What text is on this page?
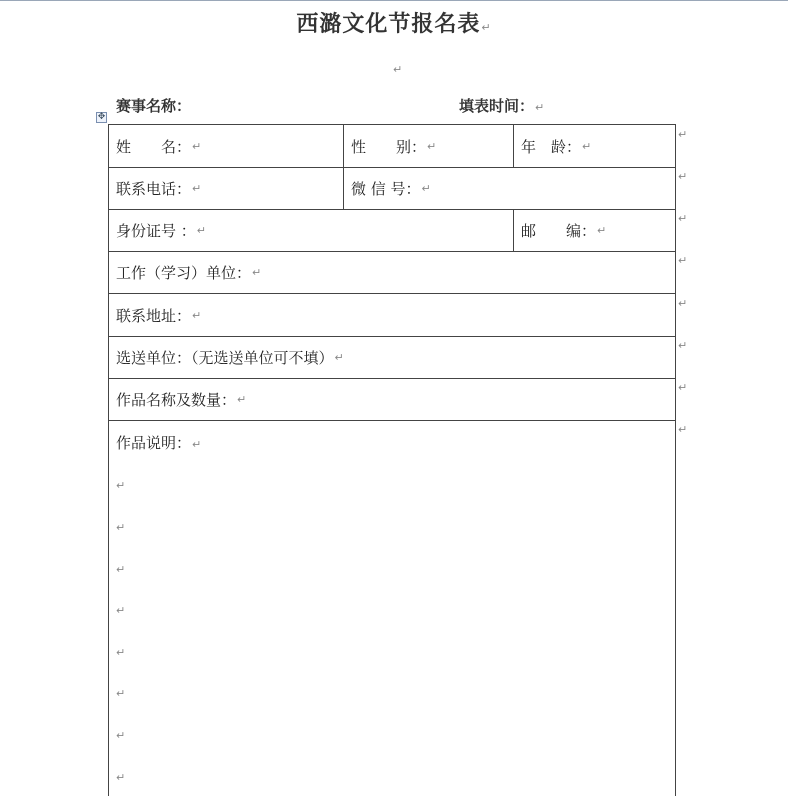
西潞文化节报名表↵
↵
赛事名称：	填表时间：↵
✥
姓　　名： ↵	性　　别： ↵	年　龄： ↵
联系电话： ↵	微 信 号： ↵
身份证号 ： ↵	邮　　编： ↵
工作（学习）单位： ↵
联系地址： ↵
选送单位：（无选送单位可不填） ↵
作品名称及数量： ↵
作品说明：↵
↵
↵
↵
↵
↵
↵
↵
↵
↵
↵
↵
↵
↵
↵
↵
↵
